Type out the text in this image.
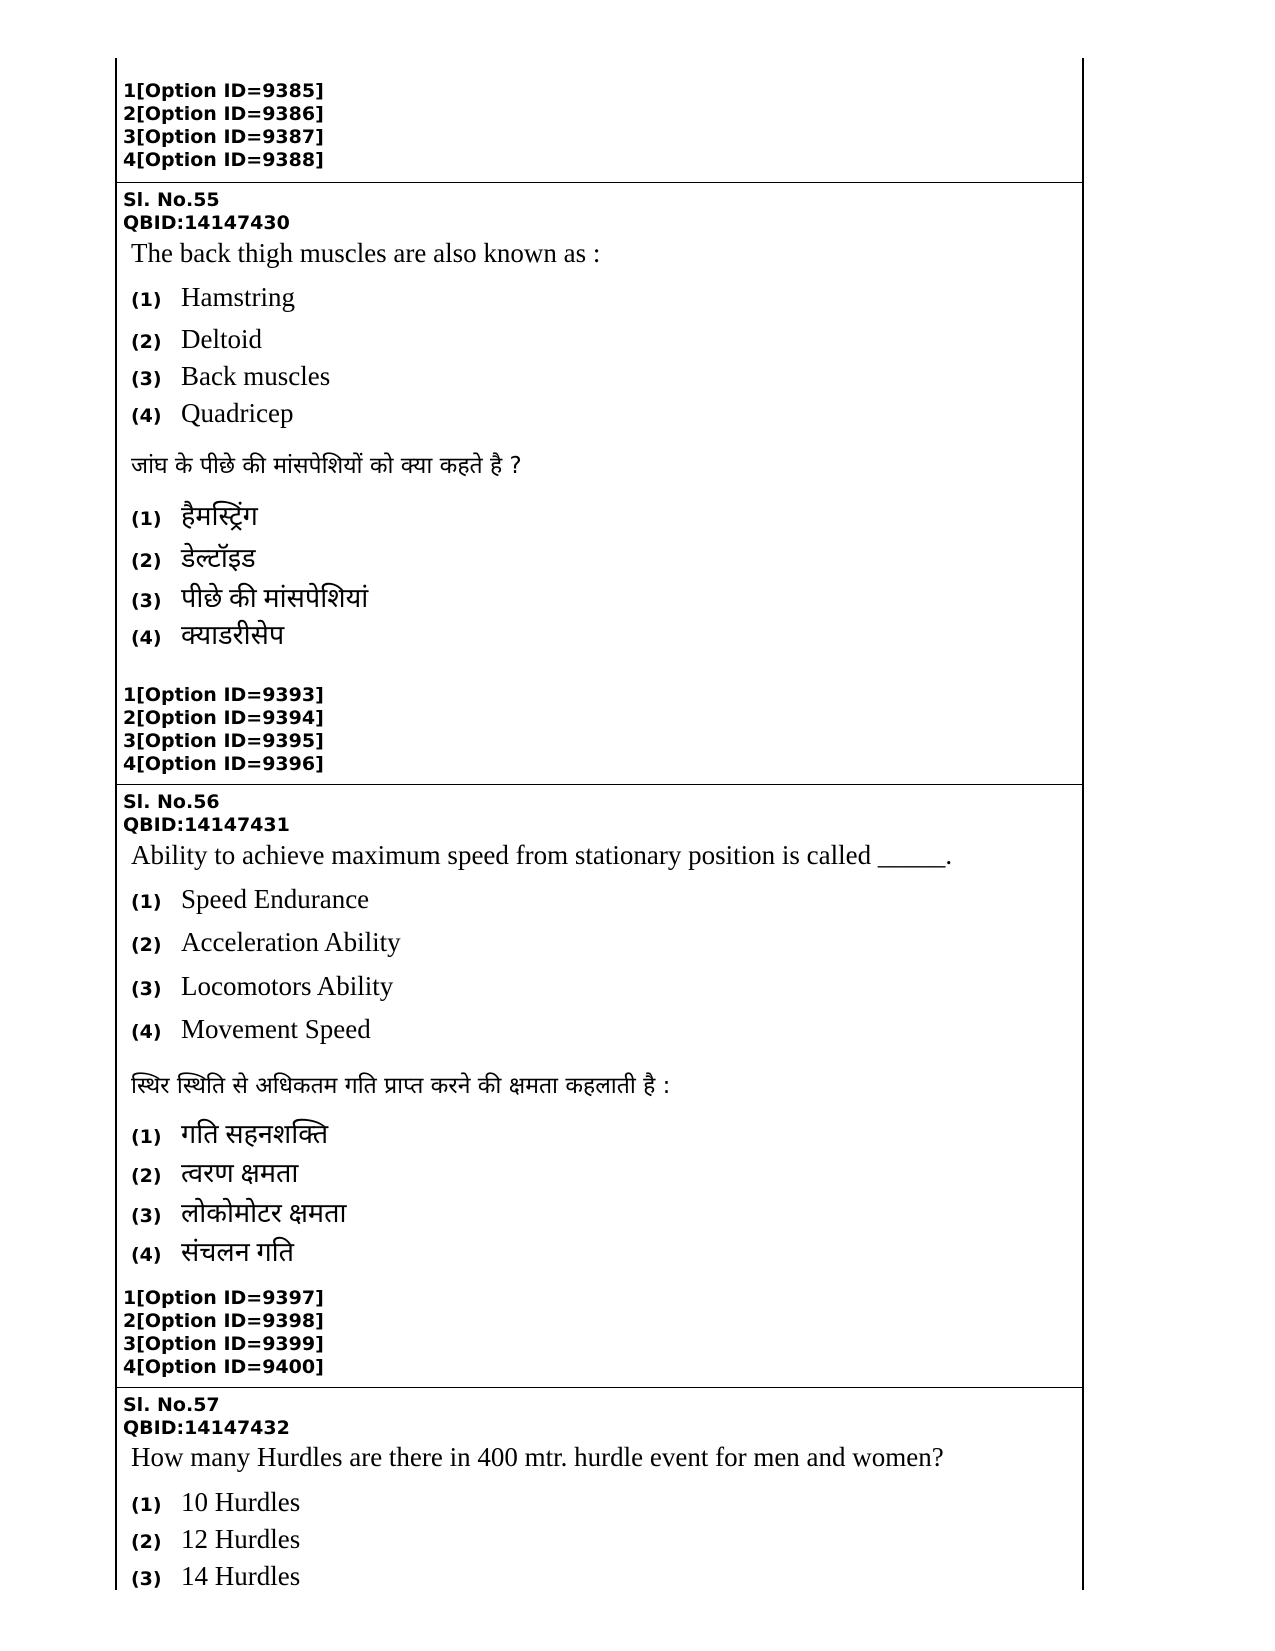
1[Option ID=9385]
2[Option ID=9386]
3[Option ID=9387]
4[Option ID=9388]
Sl. No.55
QBID:14147430
The back thigh muscles are also known as :
(1) Hamstring
(2) Deltoid
(3) Back muscles
(4) Quadricep
जांघ के पीछे की मांसपेशियों को क्या कहते है ?
(1) हैमस्ट्रिंग
(2) डेल्टॉइड
(3) पीछे की मांसपेशियां
(4) क्याडरीसेप
1[Option ID=9393]
2[Option ID=9394]
3[Option ID=9395]
4[Option ID=9396]
Sl. No.56
QBID:14147431
Ability to achieve maximum speed from stationary position is called _____.
(1) Speed Endurance
(2) Acceleration Ability
(3) Locomotors Ability
(4) Movement Speed
स्थिर स्थिति से अधिकतम गति प्राप्त करने की क्षमता कहलाती है :
(1) गति सहनशक्ति
(2) त्वरण क्षमता
(3) लोकोमोटर क्षमता
(4) संचलन गति
1[Option ID=9397]
2[Option ID=9398]
3[Option ID=9399]
4[Option ID=9400]
Sl. No.57
QBID:14147432
How many Hurdles are there in 400 mtr. hurdle event for men and women?
(1) 10 Hurdles
(2) 12 Hurdles
(3) 14 Hurdles
